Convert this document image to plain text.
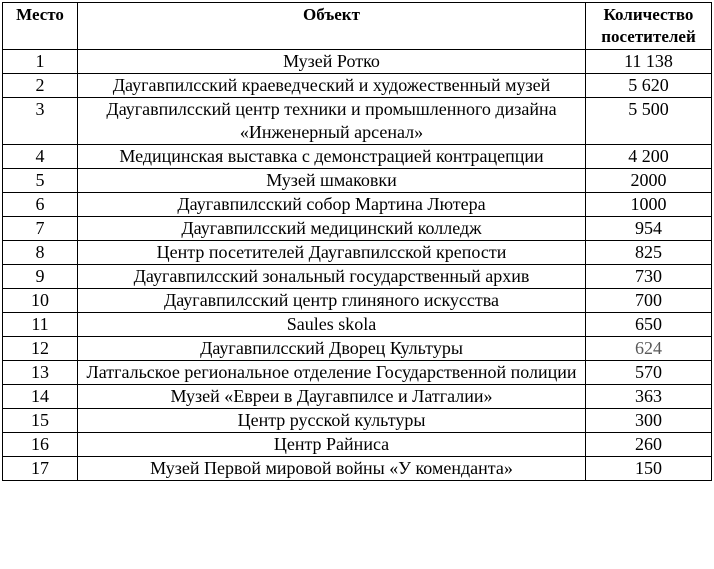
Место	Объект	Количество
посетителей
1	Музей Ротко	11 138
2	Даугавпилсский краеведческий и художественный музей	5 620
3	Даугавпилсский центр техники и промышленного дизайна «Инженерный арсенал»	5 500
4	Медицинская выставка с демонстрацией контрацепции	4 200
5	Музей шмаковки	2000
6	Даугавпилсский собор Мартина Лютера	1000
7	Даугавпилсский медицинский колледж	954
8	Центр посетителей Даугавпилсской крепости	825
9	Даугавпилсский зональный государственный архив	730
10	Даугавпилсский центр глиняного искусства	700
11	Saules skola	650
12	Даугавпилсский Дворец Культуры	624
13	Латгальское региональное отделение Государственной полиции	570
14	Музей «Евреи в Даугавпилсе и Латгалии»	363
15	Центр русской культуры	300
16	Центр Райниса	260
17	Музей Первой мировой войны «У коменданта»	150
